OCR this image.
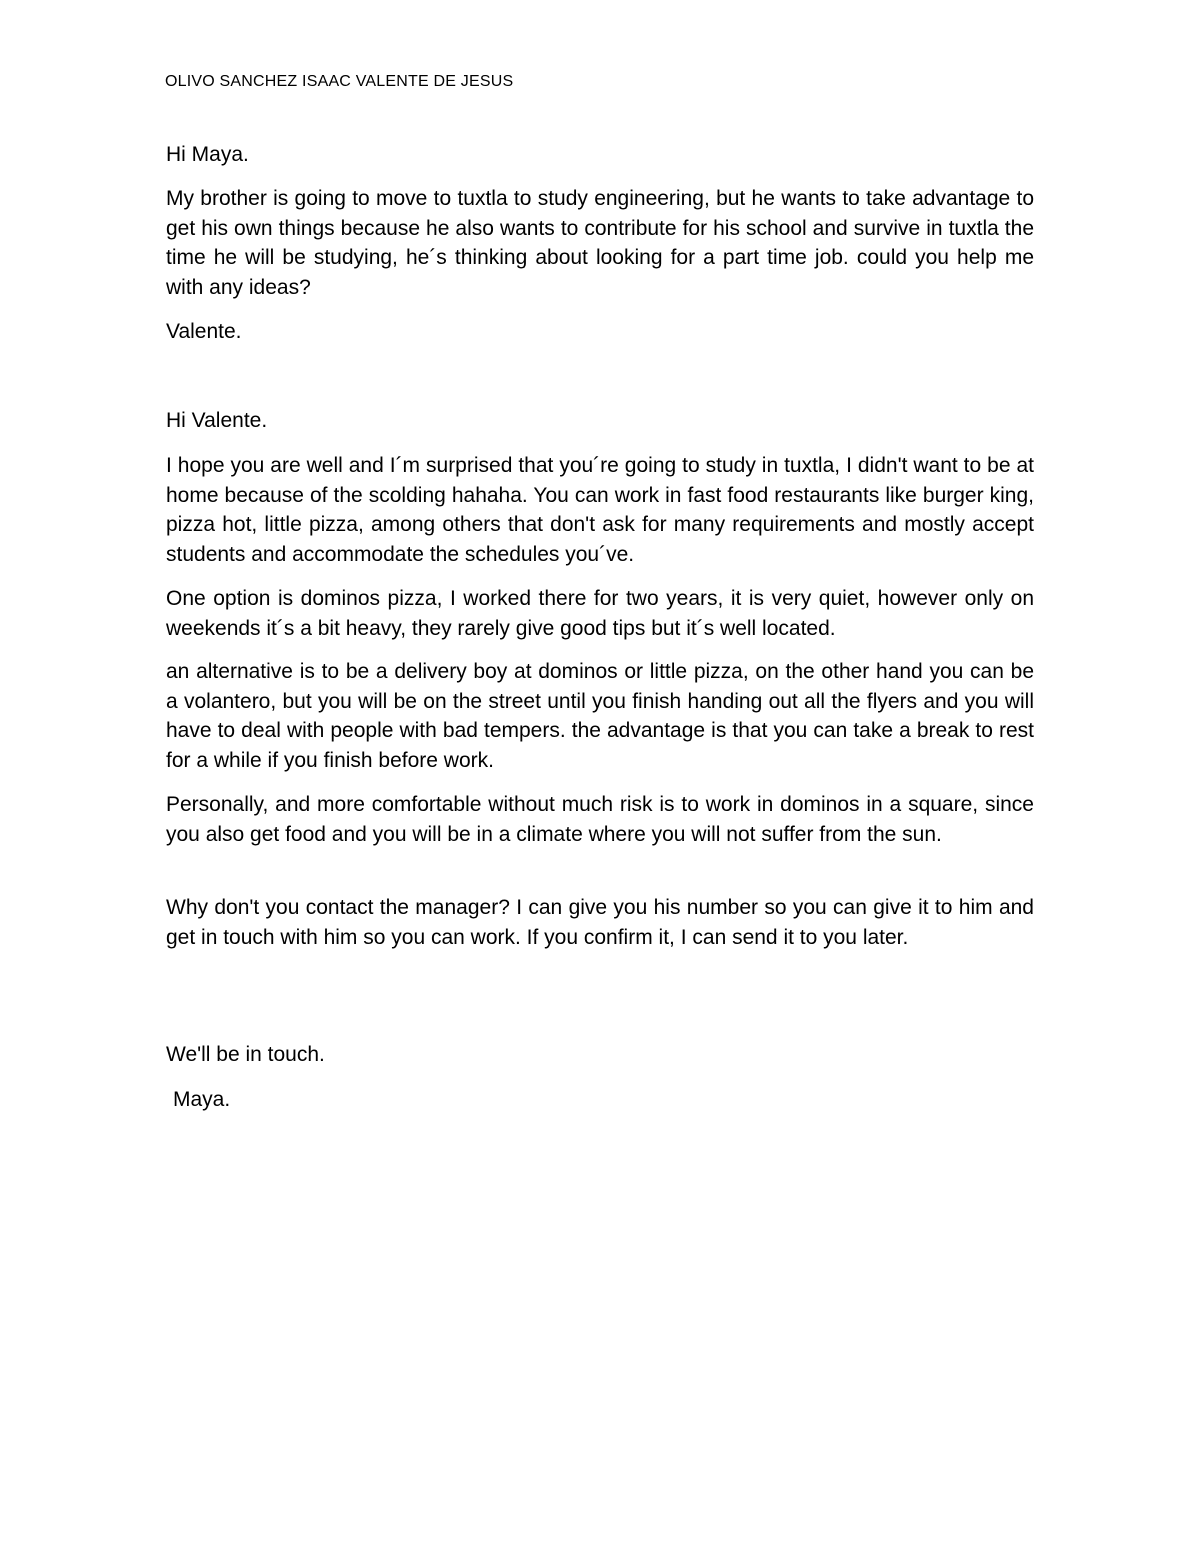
OLIVO SANCHEZ ISAAC VALENTE DE JESUS

Hi Maya.

My brother is going to move to tuxtla to study engineering, but he wants to take advantage to get his own things because he also wants to contribute for his school and survive in tuxtla the time he will be studying, he´s thinking about looking for a part time job. could you help me with any ideas?

Valente.

Hi Valente.

I hope you are well and I´m surprised that you´re going to study in tuxtla, I didn't want to be at home because of the scolding hahaha. You can work in fast food restaurants like burger king, pizza hot, little pizza, among others that don't ask for many requirements and mostly accept students and accommodate the schedules you´ve.

One option is dominos pizza, I worked there for two years, it is very quiet, however only on weekends it´s a bit heavy, they rarely give good tips but it´s well located.

an alternative is to be a delivery boy at dominos or little pizza, on the other hand you can be a volantero, but you will be on the street until you finish handing out all the flyers and you will have to deal with people with bad tempers. the advantage is that you can take a break to rest for a while if you finish before work.

Personally, and more comfortable without much risk is to work in dominos in a square, since you also get food and you will be in a climate where you will not suffer from the sun.

Why don't you contact the manager? I can give you his number so you can give it to him and get in touch with him so you can work. If you confirm it, I can send it to you later.

We'll be in touch.

Maya.
